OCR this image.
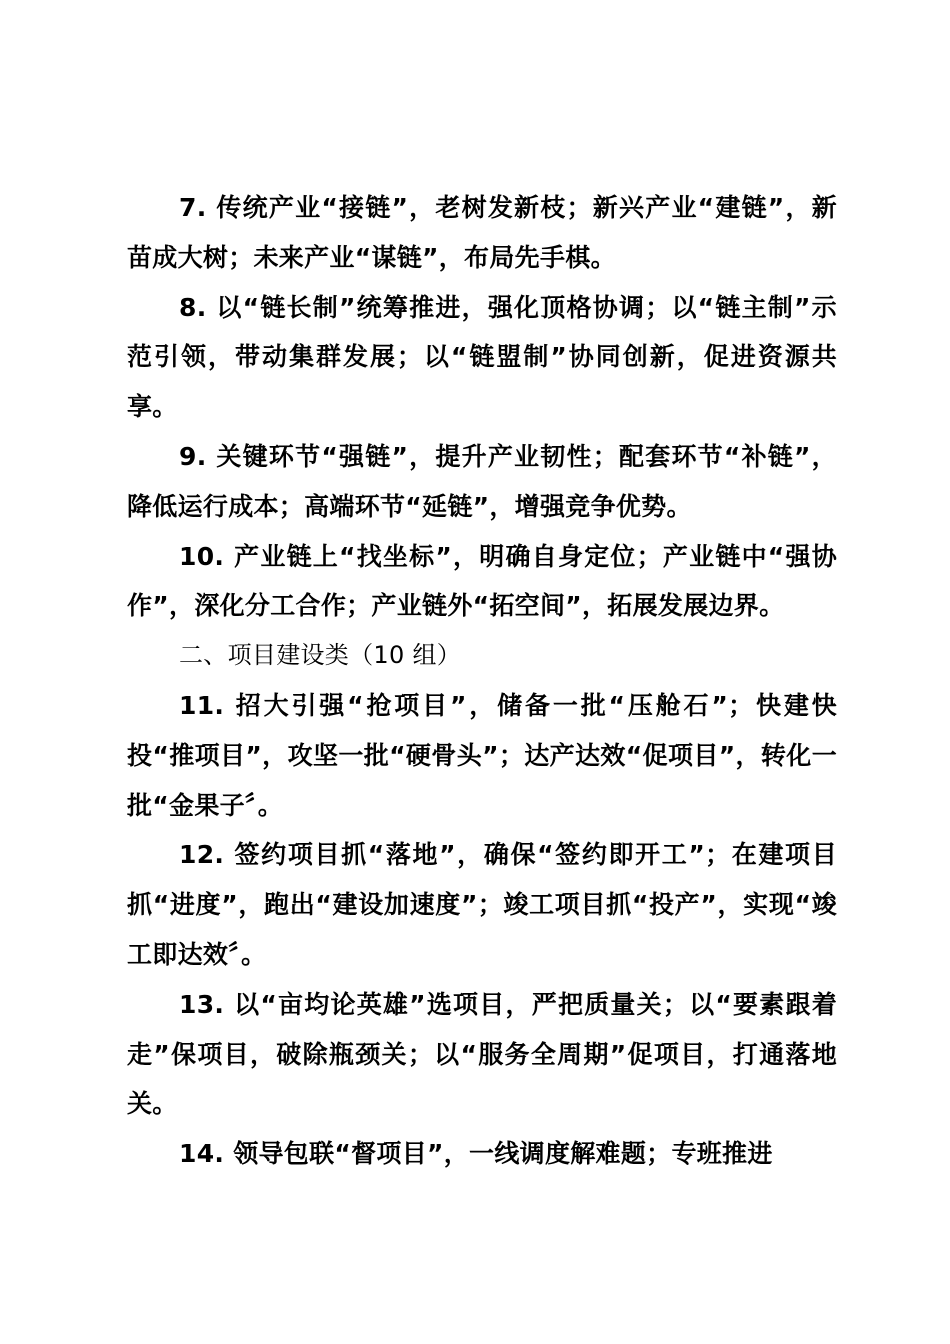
7. 传统产业“接链”，老树发新枝；新兴产业“建链”，新苗成大树；未来产业“谋链”，布局先手棋。

8. 以“链长制”统筹推进，强化顶格协调；以“链主制”示范引领，带动集群发展；以“链盟制”协同创新，促进资源共享。

9. 关键环节“强链”，提升产业韧性；配套环节“补链”，降低运行成本；高端环节“延链”，增强竞争优势。

10. 产业链上“找坐标”，明确自身定位；产业链中“强协作”，深化分工合作；产业链外“拓空间”，拓展发展边界。

二、项目建设类（10 组）

11. 招大引强“抢项目”，储备一批“压舱石”；快建快投“推项目”，攻坚一批“硬骨头”；达产达效“促项目”，转化一批“金果子〞。

12. 签约项目抓“落地”，确保“签约即开工”；在建项目抓“进度”，跑出“建设加速度”；竣工项目抓“投产”，实现“竣工即达效〞。

13. 以“亩均论英雄”选项目，严把质量关；以“要素跟着走”保项目，破除瓶颈关；以“服务全周期”促项目，打通落地关。

14. 领导包联“督项目”，一线调度解难题；专班推进
